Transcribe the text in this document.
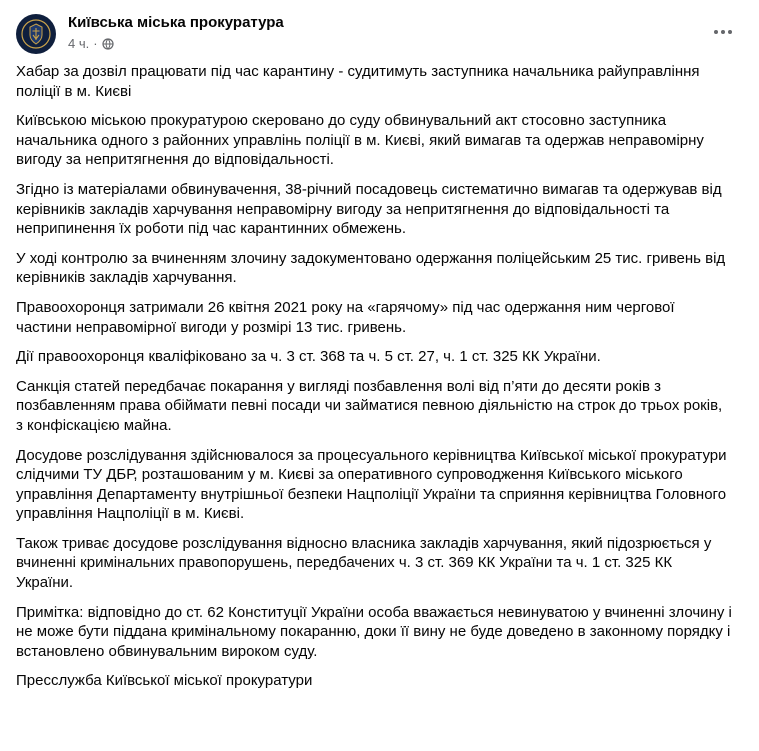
Київська міська прокуратура
4 ч. ·

Хабар за дозвіл працювати під час карантину - судитимуть заступника начальника райуправління поліції в м. Києві

Київською міською прокуратурою скеровано до суду обвинувальний акт стосовно заступника начальника одного з районних управлінь поліції в м. Києві, який вимагав та одержав неправомірну вигоду за непритягнення до відповідальності.

Згідно із матеріалами обвинувачення, 38-річний посадовець систематично вимагав та одержував від керівників закладів харчування неправомірну вигоду за непритягнення до відповідальності та неприпинення їх роботи під час карантинних обмежень.

У ході контролю за вчиненням злочину задокументовано одержання поліцейським 25 тис. гривень від керівників закладів харчування.

Правоохоронця затримали 26 квітня 2021 року на «гарячому» під час одержання ним чергової частини неправомірної вигоди у розмірі 13 тис. гривень.

Дії правоохоронця кваліфіковано за ч. 3 ст. 368 та ч. 5 ст. 27, ч. 1 ст. 325 КК України.

Санкція статей передбачає покарання у вигляді позбавлення волі від п’яти до десяти років з позбавленням права обіймати певні посади чи займатися певною діяльністю на строк до трьох років, з конфіскацією майна.

Досудове розслідування здійснювалося за процесуального керівництва Київської міської прокуратури слідчими ТУ ДБР, розташованим у м. Києві за оперативного супроводження Київського міського управління Департаменту внутрішньої безпеки Нацполіції України та сприяння керівництва Головного управління Нацполіції в м. Києві.

Також триває досудове розслідування відносно власника закладів харчування, який підозрюється у вчиненні кримінальних правопорушень, передбачених ч. 3 ст. 369 КК України та ч. 1 ст. 325 КК України.

Примітка: відповідно до ст. 62 Конституції України особа вважається невинуватою у вчиненні злочину і не може бути піддана кримінальному покаранню, доки її вину не буде доведено в законному порядку і встановлено обвинувальним вироком суду.

Пресслужба Київської міської прокуратури
